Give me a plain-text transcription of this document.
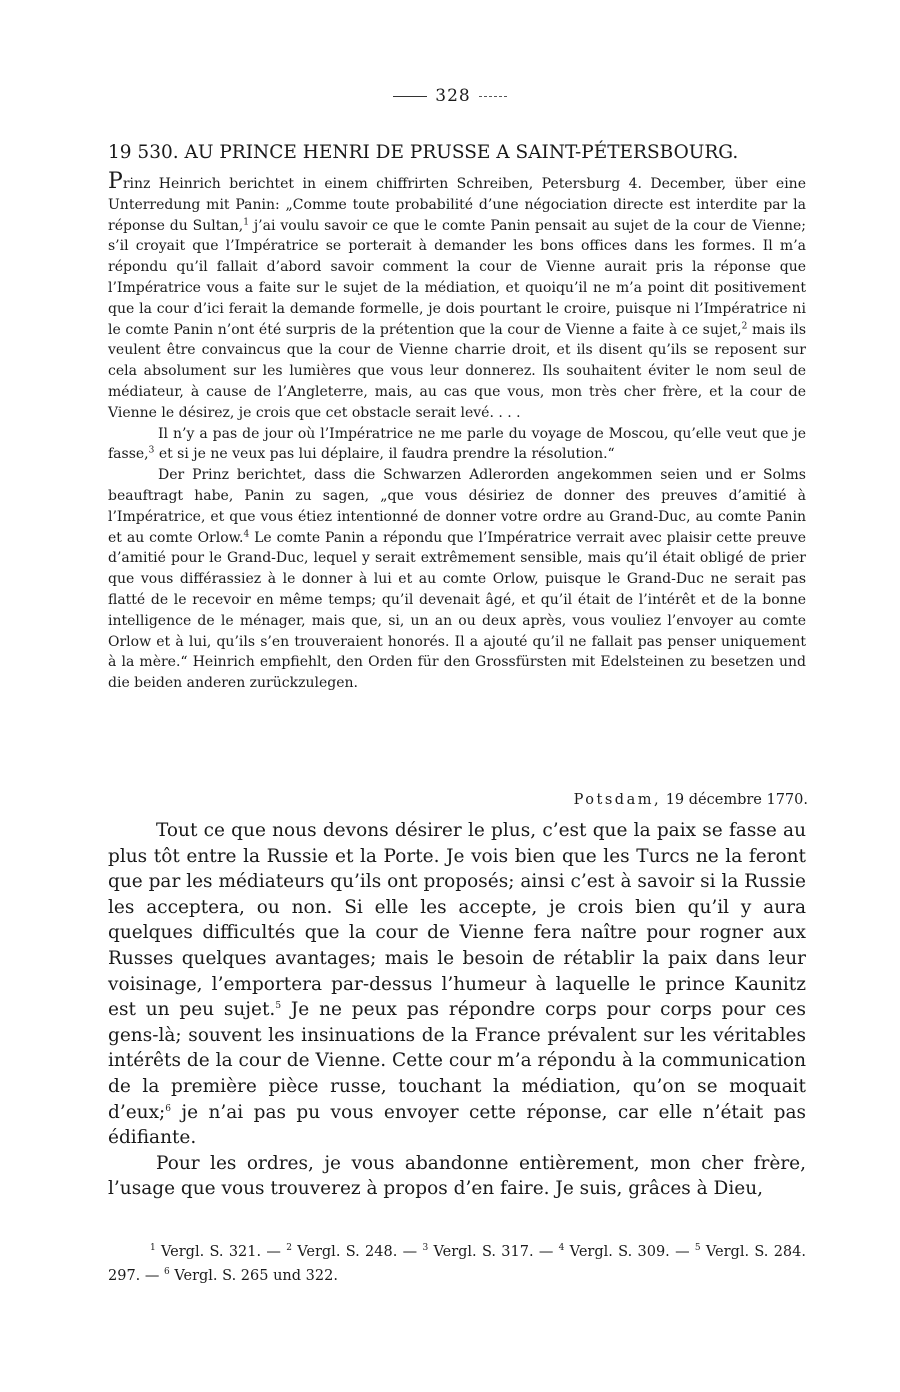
328
19 530. AU PRINCE HENRI DE PRUSSE A SAINT-PÉTERSBOURG.

Prinz Heinrich berichtet in einem chiffrirten Schreiben, Petersburg 4. December, über eine Unterredung mit Panin: „Comme toute probabilité d’une négociation directe est interdite par la réponse du Sultan,$^1$ j’ai voulu savoir ce que le comte Panin pensait au sujet de la cour de Vienne; s’il croyait que l’Impératrice se porterait à demander les bons offices dans les formes. Il m’a répondu qu’il fallait d’abord savoir comment la cour de Vienne aurait pris la réponse que l’Impératrice vous a faite sur le sujet de la médiation, et quoiqu’il ne m’a point dit positivement que la cour d’ici ferait la demande formelle, je dois pourtant le croire, puisque ni l’Impératrice ni le comte Panin n’ont été surpris de la prétention que la cour de Vienne a faite à ce sujet,$^2$ mais ils veulent être convaincus que la cour de Vienne charrie droit, et ils disent qu’ils se reposent sur cela absolument sur les lumières que vous leur donnerez. Ils souhaitent éviter le nom seul de médiateur, à cause de l’Angleterre, mais, au cas que vous, mon très cher frère, et la cour de Vienne le désirez, je crois que cet obstacle serait levé. . . .

Il n’y a pas de jour où l’Impératrice ne me parle du voyage de Moscou, qu’elle veut que je fasse,$^3$ et si je ne veux pas lui déplaire, il faudra prendre la résolution.“

Der Prinz berichtet, dass die Schwarzen Adlerorden angekommen seien und er Solms beauftragt habe, Panin zu sagen, „que vous désiriez de donner des preuves d’amitié à l’Impératrice, et que vous étiez intentionné de donner votre ordre au Grand-Duc, au comte Panin et au comte Orlow.$^4$ Le comte Panin a répondu que l’Impératrice verrait avec plaisir cette preuve d’amitié pour le Grand-Duc, lequel y serait extrêmement sensible, mais qu’il était obligé de prier que vous différassiez à le donner à lui et au comte Orlow, puisque le Grand-Duc ne serait pas flatté de le recevoir en même temps; qu’il devenait âgé, et qu’il était de l’intérêt et de la bonne intelligence de le ménager, mais que, si, un an ou deux après, vous vouliez l’envoyer au comte Orlow et à lui, qu’ils s’en trouveraient honorés. Il a ajouté qu’il ne fallait pas penser uniquement à la mère.“ Heinrich empfiehlt, den Orden für den Grossfürsten mit Edelsteinen zu besetzen und die beiden anderen zurückzulegen.

Potsdam, 19 décembre 1770.

Tout ce que nous devons désirer le plus, c’est que la paix se fasse au plus tôt entre la Russie et la Porte. Je vois bien que les Turcs ne la feront que par les médiateurs qu’ils ont proposés; ainsi c’est à savoir si la Russie les acceptera, ou non. Si elle les accepte, je crois bien qu’il y aura quelques difficultés que la cour de Vienne fera naître pour rogner aux Russes quelques avantages; mais le besoin de rétablir la paix dans leur voisinage, l’emportera par-dessus l’humeur à laquelle le prince Kaunitz est un peu sujet.$^5$ Je ne peux pas répondre corps pour corps pour ces gens-là; souvent les insinuations de la France prévalent sur les véritables intérêts de la cour de Vienne. Cette cour m’a répondu à la communication de la première pièce russe, touchant la médiation, qu’on se moquait d’eux;$^6$ je n’ai pas pu vous envoyer cette réponse, car elle n’était pas édifiante.

Pour les ordres, je vous abandonne entièrement, mon cher frère, l’usage que vous trouverez à propos d’en faire. Je suis, grâces à Dieu,

$^1$ Vergl. S. 321. — $^2$ Vergl. S. 248. — $^3$ Vergl. S. 317. — $^4$ Vergl. S. 309. — $^5$ Vergl. S. 284. 297. — $^6$ Vergl. S. 265 und 322.
